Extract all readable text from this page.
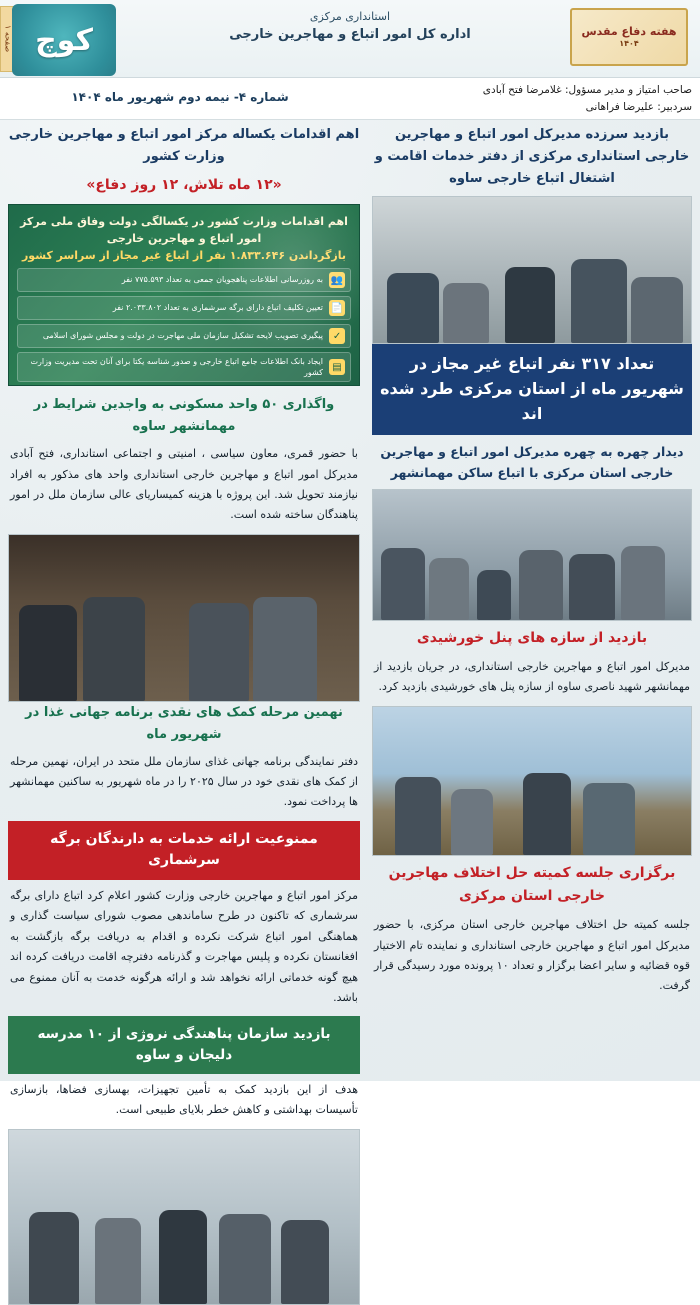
صفحه ۱ کوچ
استانداری مرکزی
اداره کل امور اتباع و مهاجرین خارجی	هفته دفاع مقدس
۱۴۰۴
صاحب امتیاز و مدیر مسؤول: غلامرضا فتح آبادی
سردبیر: علیرضا فراهانی
شماره ۴- نیمه دوم شهریور ماه ۱۴۰۴
بازدید سرزده مدیرکل امور اتباع و مهاجرین خارجی استانداری مرکزی از دفتر خدمات اقامت و اشتغال اتباع خارجی ساوه
تعداد ۳۱۷ نفر اتباع غیر مجاز در شهریور ماه از استان مرکزی طرد شده اند
دیدار چهره به چهره مدیرکل امور اتباع و مهاجرین خارجی استان مرکزی با اتباع ساکن مهمانشهر
بازدید از سازه های پنل خورشیدی
مدیرکل امور اتباع و مهاجرین خارجی استانداری، در جریان بازدید از مهمانشهر شهید ناصری ساوه از سازه پنل های خورشیدی بازدید کرد.
برگزاری جلسه کمیته حل اختلاف مهاجرین خارجی استان مرکزی
جلسه کمیته حل اختلاف مهاجرین خارجی استان مرکزی، با حضور مدیرکل امور اتباع و مهاجرین خارجی استانداری و نماینده تام الاختیار قوه قضائیه و سایر اعضا برگزار و تعداد ۱۰ پرونده مورد رسیدگی قرار گرفت.
اهم اقدامات یکساله مرکز امور اتباع و مهاجرین خارجی وزارت کشور
«۱۲ ماه تلاش، ۱۲ روز دفاع»
اهم اقدامات وزارت کشور در یکسالگی دولت وفاق ملی مرکز امور اتباع و مهاجرین خارجی
بازگرداندن ۱.۸۳۳.۶۴۶ نفر از اتباع غیر مجاز از سراسر کشور
👥
به روزرسانی اطلاعات پناهجویان جمعی به تعداد ۷۷۵.۵۹۳ نفر
📄
تعیین تکلیف اتباع دارای برگه سرشماری به تعداد ۲.۰۳۳.۸۰۲ نفر
✓
پیگیری تصویب لایحه تشکیل سازمان ملی مهاجرت در دولت و مجلس شورای اسلامی
▤
ایجاد بانک اطلاعات جامع اتباع خارجی و صدور شناسه یکتا برای آنان تحت مدیریت وزارت کشور
واگذاری ۵۰ واحد مسکونی به واجدین شرایط در مهمانشهر ساوه
با حضور قمری، معاون سیاسی ، امنیتی و اجتماعی استانداری، فتح آبادی مدیرکل امور اتباع و مهاجرین خارجی استانداری واحد های مذکور به افراد نیازمند تحویل شد. این پروژه با هزینه کمیساریای عالی سازمان ملل در امور پناهندگان ساخته شده است.
نهمین مرحله کمک های نقدی برنامه جهانی غذا در شهریور ماه
دفتر نمایندگی برنامه جهانی غذای سازمان ملل متحد در ایران، نهمین مرحله از کمک های نقدی خود در سال ۲۰۲۵ را در ماه شهریور به ساکنین مهمانشهر ها پرداخت نمود.
ممنوعیت ارائه خدمات به دارندگان برگه سرشماری
مرکز امور اتباع و مهاجرین خارجی وزارت کشور اعلام کرد اتباع دارای برگه سرشماری که تاکنون در طرح ساماندهی مصوب شورای سیاست گذاری و هماهنگی امور اتباع شرکت نکرده و اقدام به دریافت برگه بازگشت به افغانستان نکرده و پلیس مهاجرت و گذرنامه دفترچه اقامت دریافت کرده اند هیچ گونه خدماتی ارائه نخواهد شد و ارائه هرگونه خدمت به آنان ممنوع می باشد.
بازدید سازمان پناهندگی نروژی از ۱۰ مدرسه دلیجان و ساوه
هدف از این بازدید کمک به تأمین تجهیزات، بهسازی فضاها، بازسازی تأسیسات بهداشتی و کاهش خطر بلایای طبیعی است.
